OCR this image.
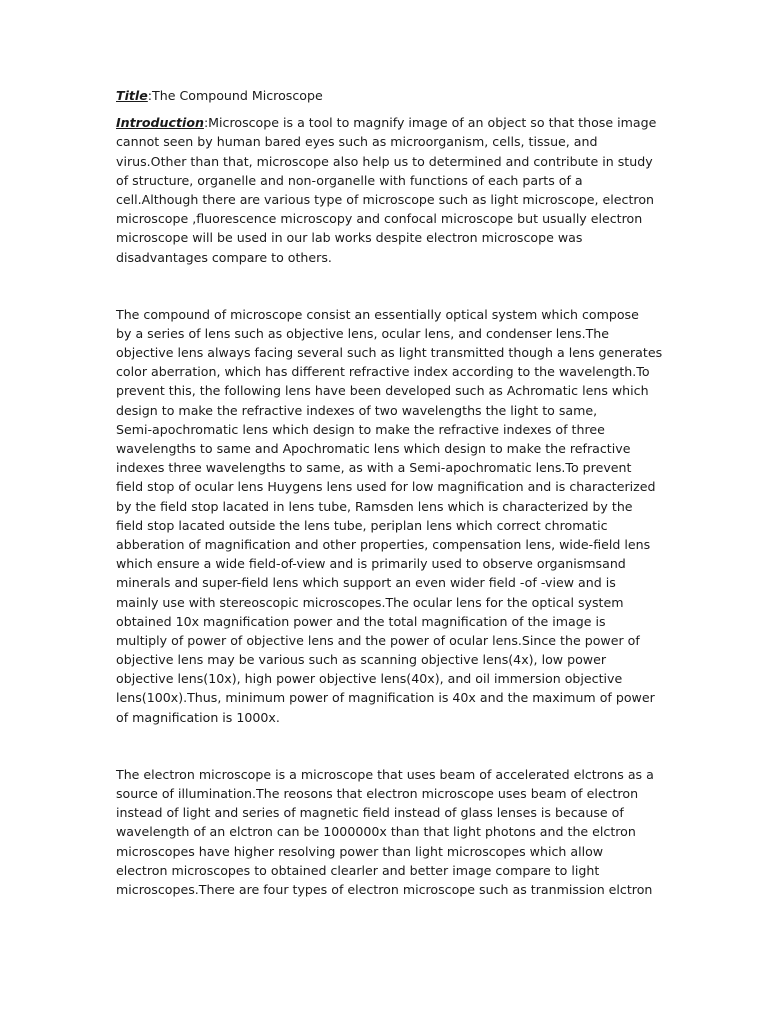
Title:The Compound Microscope
Introduction:Microscope is a tool to magnify image of an object so that those image
cannot seen by human bared eyes such as microorganism, cells, tissue, and
virus.Other than that, microscope also help us to determined and contribute in study
of structure, organelle and non-organelle with functions of each parts of a
cell.Although there are various type of microscope such as light microscope, electron
microscope ,fluorescence microscopy and confocal microscope but usually electron
microscope will be used in our lab works despite electron microscope was
disadvantages compare to others.
The compound of microscope consist an essentially optical system which compose
by a series of lens such as objective lens, ocular lens, and condenser lens.The
objective lens always facing several such as light transmitted though a lens generates
color aberration, which has different refractive index according to the wavelength.To
prevent this, the following lens have been developed such as Achromatic lens which
design to make the refractive indexes of two wavelengths the light to same,
Semi-apochromatic lens which design to make the refractive indexes of three
wavelengths to same and Apochromatic lens which design to make the refractive
indexes three wavelengths to same, as with a Semi-apochromatic lens.To prevent
field stop of ocular lens Huygens lens used for low magnification and is characterized
by the field stop lacated in lens tube, Ramsden lens which is characterized by the
field stop lacated outside the lens tube, periplan lens which correct chromatic
abberation of magnification and other properties, compensation lens, wide-field lens
which ensure a wide field-of-view and is primarily used to observe organismsand
minerals and super-field lens which support an even wider field -of -view and is
mainly use with stereoscopic microscopes.The ocular lens for the optical system
obtained 10x magnification power and the total magnification of the image is
multiply of power of objective lens and the power of ocular lens.Since the power of
objective lens may be various such as scanning objective lens(4x), low power
objective lens(10x), high power objective lens(40x), and oil immersion objective
lens(100x).Thus, minimum power of magnification is 40x and the maximum of power
of magnification is 1000x.
The electron microscope is a microscope that uses beam of accelerated elctrons as a
source of illumination.The reosons that electron microscope uses beam of electron
instead of light and series of magnetic field instead of glass lenses is because of
wavelength of an elctron can be 1000000x than that light photons and the elctron
microscopes have higher resolving power than light microscopes which allow
electron microscopes to obtained clearler and better image compare to light
microscopes.There are four types of electron microscope such as tranmission elctron
